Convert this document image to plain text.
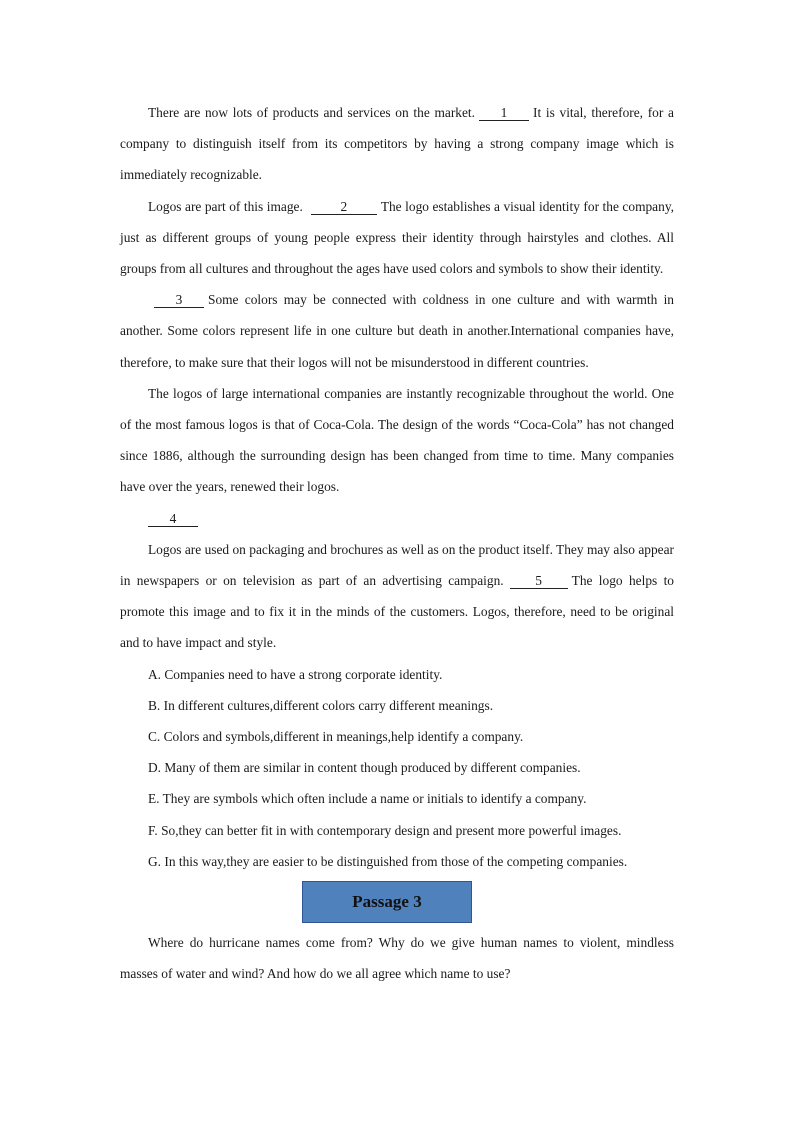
There are now lots of products and services on the market. 1 It is vital, therefore, for a company to distinguish itself from its competitors by having a strong company image which is immediately recognizable.

Logos are part of this image.	2	The logo establishes a visual identity for the company, just as different groups of young people express their identity through hairstyles and clothes. All groups from all cultures and throughout the ages have used colors and symbols to show their identity.

3 Some colors may be connected with coldness in one culture and with warmth in another. Some colors represent life in one culture but death in another.International companies have, therefore, to make sure that their logos will not be misunderstood in different countries.

The logos of large international companies are instantly recognizable throughout the world. One of the most famous logos is that of Coca-Cola. The design of the words “Coca-Cola” has not changed since 1886, although the surrounding design has been changed from time to time. Many companies have over the years, renewed their logos.

4

Logos are used on packaging and brochures as well as on the product itself. They may also appear in newspapers or on television as part of an advertising campaign. 5 The logo helps to promote this image and to fix it in the minds of the customers. Logos, therefore, need to be original and to have impact and style.

A. Companies need to have a strong corporate identity.

B. In different cultures,different colors carry different meanings.

C. Colors and symbols,different in meanings,help identify a company.

D. Many of them are similar in content though produced by different companies.

E. They are symbols which often include a name or initials to identify a company.

F. So,they can better fit in with contemporary design and present more powerful images.

G. In this way,they are easier to be distinguished from those of the competing companies.

Passage 3

Where do hurricane names come from? Why do we give human names to violent, mindless masses of water and wind? And how do we all agree which name to use?
